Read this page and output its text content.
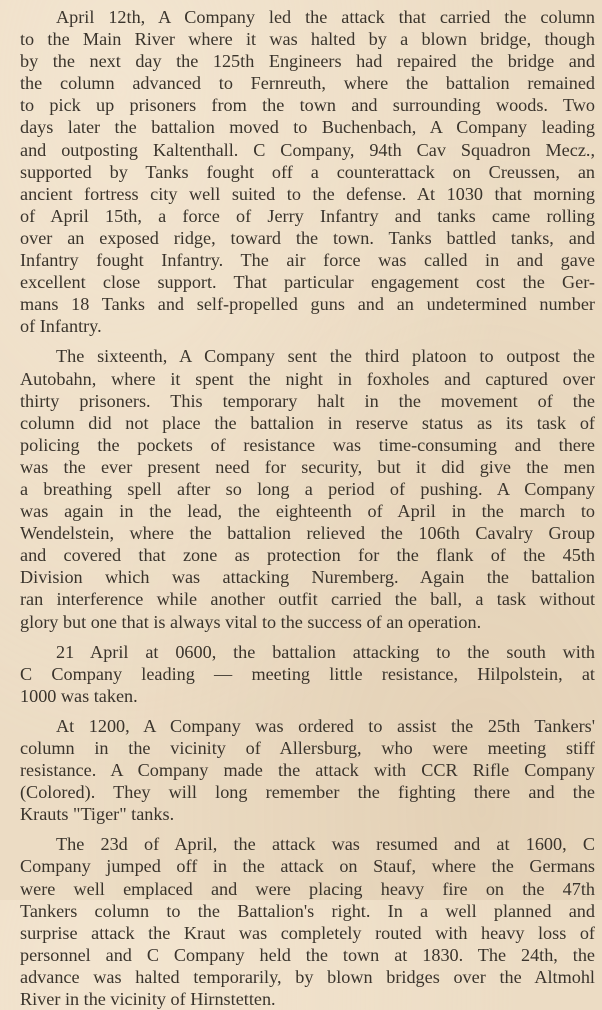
April 12th, A Company led the attack that carried the column
to the Main River where it was halted by a blown bridge, though
by the next day the 125th Engineers had repaired the bridge and
the column advanced to Fernreuth, where the battalion remained
to pick up prisoners from the town and surrounding woods. Two
days later the battalion moved to Buchenbach, A Company leading
and outposting Kaltenthall. C Company, 94th Cav Squadron Mecz.,
supported by Tanks fought off a counterattack on Creussen, an
ancient fortress city well suited to the defense. At 1030 that morning
of April 15th, a force of Jerry Infantry and tanks came rolling
over an exposed ridge, toward the town. Tanks battled tanks, and
Infantry fought Infantry. The air force was called in and gave
excellent close support. That particular engagement cost the Ger-
mans 18 Tanks and self-propelled guns and an undetermined number
of Infantry.
The sixteenth, A Company sent the third platoon to outpost the
Autobahn, where it spent the night in foxholes and captured over
thirty prisoners. This temporary halt in the movement of the
column did not place the battalion in reserve status as its task of
policing the pockets of resistance was time-consuming and there
was the ever present need for security, but it did give the men
a breathing spell after so long a period of pushing. A Company
was again in the lead, the eighteenth of April in the march to
Wendelstein, where the battalion relieved the 106th Cavalry Group
and covered that zone as protection for the flank of the 45th
Division which was attacking Nuremberg. Again the battalion
ran interference while another outfit carried the ball, a task without
glory but one that is always vital to the success of an operation.
21 April at 0600, the battalion attacking to the south with
C Company leading — meeting little resistance, Hilpolstein, at
1000 was taken.
At 1200, A Company was ordered to assist the 25th Tankers'
column in the vicinity of Allersburg, who were meeting stiff
resistance. A Company made the attack with CCR Rifle Company
(Colored). They will long remember the fighting there and the
Krauts "Tiger" tanks.
The 23d of April, the attack was resumed and at 1600, C
Company jumped off in the attack on Stauf, where the Germans
were well emplaced and were placing heavy fire on the 47th
Tankers column to the Battalion's right. In a well planned and
surprise attack the Kraut was completely routed with heavy loss of
personnel and C Company held the town at 1830. The 24th, the
advance was halted temporarily, by blown bridges over the Altmohl
River in the vicinity of Hirnstetten.
